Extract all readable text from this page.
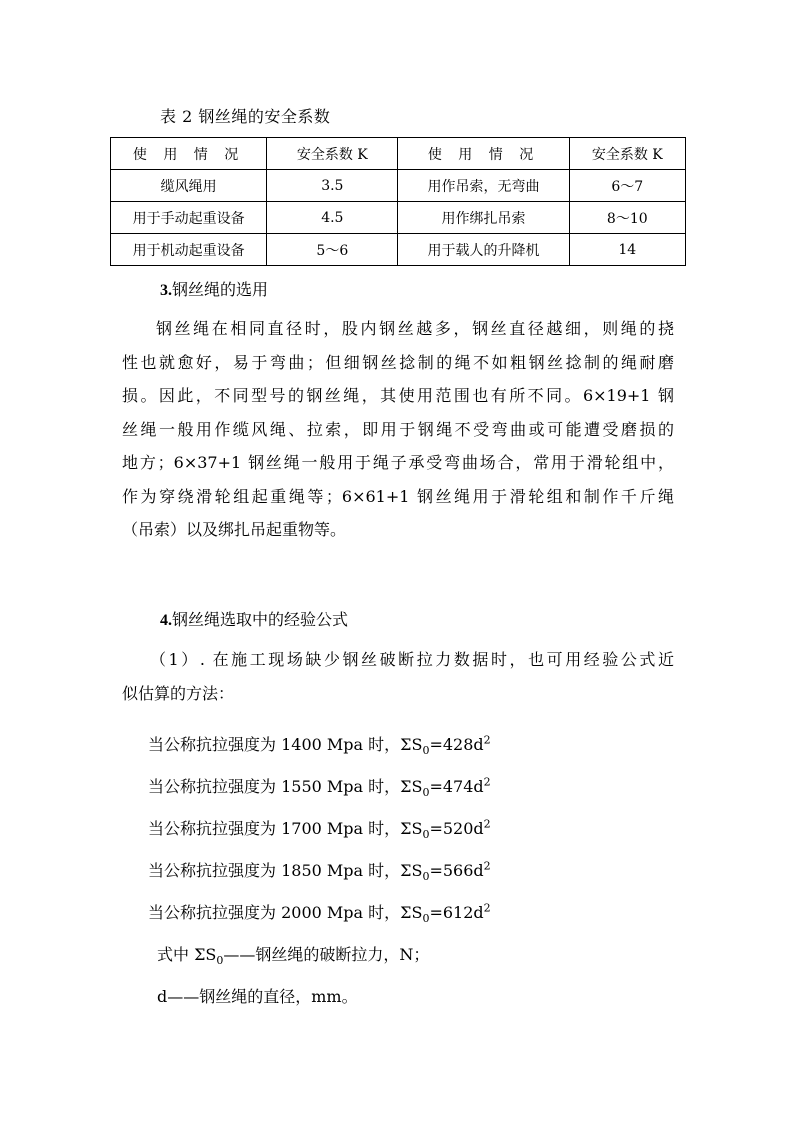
表 2 钢丝绳的安全系数
使 用 情 况	安全系数 K	使 用 情 况	安全系数 K
缆风绳用	3.5	用作吊索，无弯曲	6～7
用于手动起重设备	4.5	用作绑扎吊索	8～10
用于机动起重设备	5～6	用于载人的升降机	14
3.钢丝绳的选用
钢丝绳在相同直径时，股内钢丝越多，钢丝直径越细，则绳的挠
性也就愈好，易于弯曲；但细钢丝捻制的绳不如粗钢丝捻制的绳耐磨
损。因此，不同型号的钢丝绳，其使用范围也有所不同。6×19+1 钢
丝绳一般用作缆风绳、拉索，即用于钢绳不受弯曲或可能遭受磨损的
地方；6×37+1 钢丝绳一般用于绳子承受弯曲场合，常用于滑轮组中，
作为穿绕滑轮组起重绳等；6×61+1 钢丝绳用于滑轮组和制作千斤绳
（吊索）以及绑扎吊起重物等。
4.钢丝绳选取中的经验公式
（1）. 在施工现场缺少钢丝破断拉力数据时，也可用经验公式近
似估算的方法：
当公称抗拉强度为 1400 Mpa 时，$\Sigma S_0=428d^2$
当公称抗拉强度为 1550 Mpa 时，$\Sigma S_0=474d^2$
当公称抗拉强度为 1700 Mpa 时，$\Sigma S_0=520d^2$
当公称抗拉强度为 1850 Mpa 时，$\Sigma S_0=566d^2$
当公称抗拉强度为 2000 Mpa 时，$\Sigma S_0=612d^2$
式中 $\Sigma S_0——$钢丝绳的破断拉力，N；
d——钢丝绳的直径，mm。
